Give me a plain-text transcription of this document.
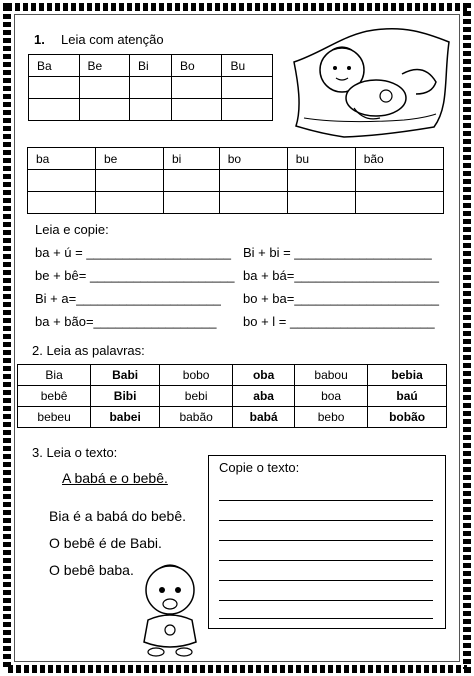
1. Leia com atenção
Ba	Be	Bi	Bo	Bu

ba	be	bi	bo	bu	bão

Leia e copie:
ba + ú = ____________________
be + bê= ____________________
Bi + a=____________________
ba + bão=_________________
Bi + bi = ___________________
ba + bá=____________________
bo + ba=____________________
bo + l = ____________________
2. Leia as palavras:
Bia	Babi	bobo	oba	babou	bebia
bebê	Bibi	bebi	aba	boa	baú
bebeu	babei	babão	babá	bebo	bobão
3. Leia o texto:
A babá e o bebê.
Bia é a babá do bebê.
O bebê é de Babi.
O bebê baba.
Copie o texto:
